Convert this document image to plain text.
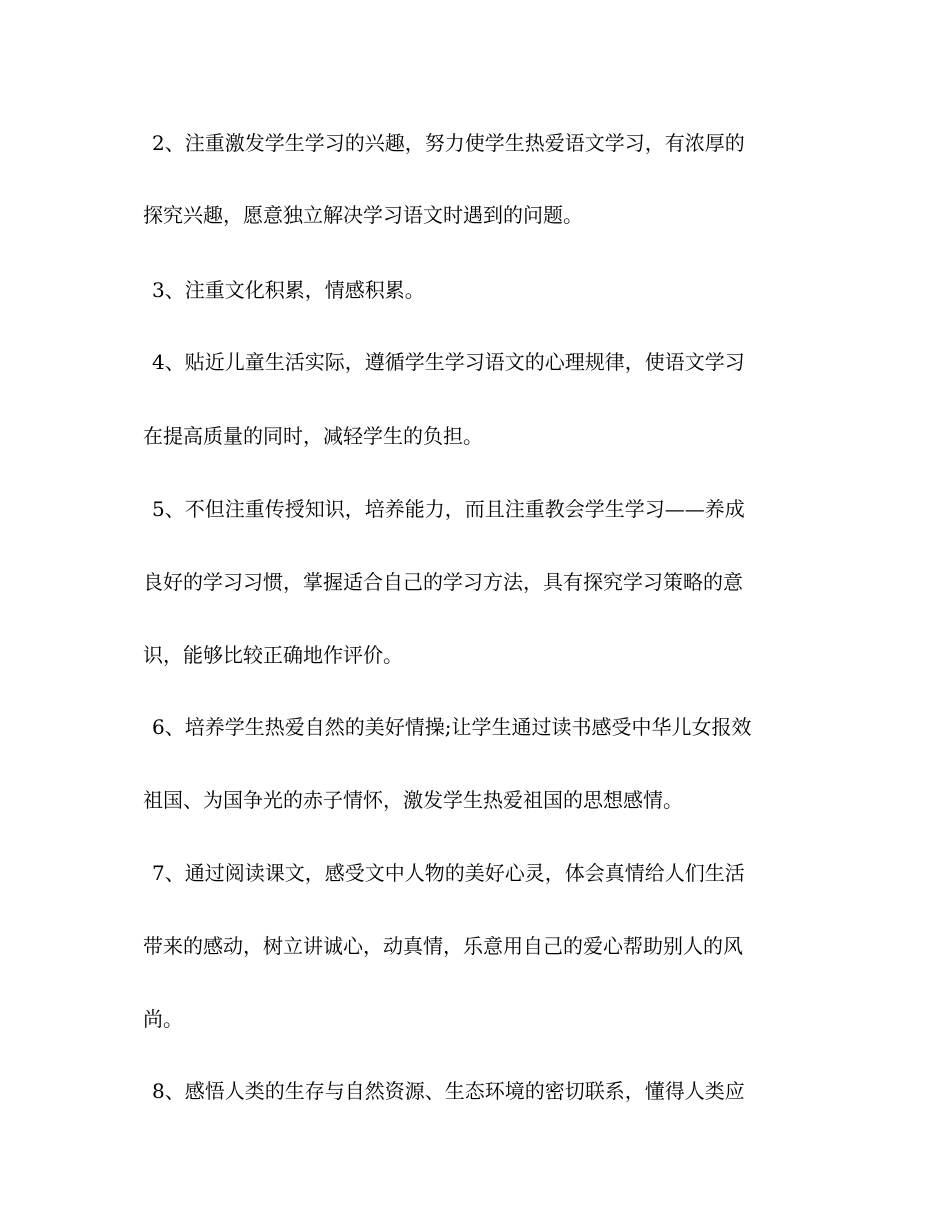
2、注重激发学生学习的兴趣，努力使学生热爱语文学习，有浓厚的
探究兴趣，愿意独立解决学习语文时遇到的问题。
3、注重文化积累，情感积累。
4、贴近儿童生活实际，遵循学生学习语文的心理规律，使语文学习
在提高质量的同时，减轻学生的负担。
5、不但注重传授知识，培养能力，而且注重教会学生学习——养成
良好的学习习惯，掌握适合自己的学习方法，具有探究学习策略的意
识，能够比较正确地作评价。
6、培养学生热爱自然的美好情操;让学生通过读书感受中华儿女报效
祖国、为国争光的赤子情怀，激发学生热爱祖国的思想感情。
7、通过阅读课文，感受文中人物的美好心灵，体会真情给人们生活
带来的感动，树立讲诚心，动真情，乐意用自己的爱心帮助别人的风
尚。
8、感悟人类的生存与自然资源、生态环境的密切联系，懂得人类应
